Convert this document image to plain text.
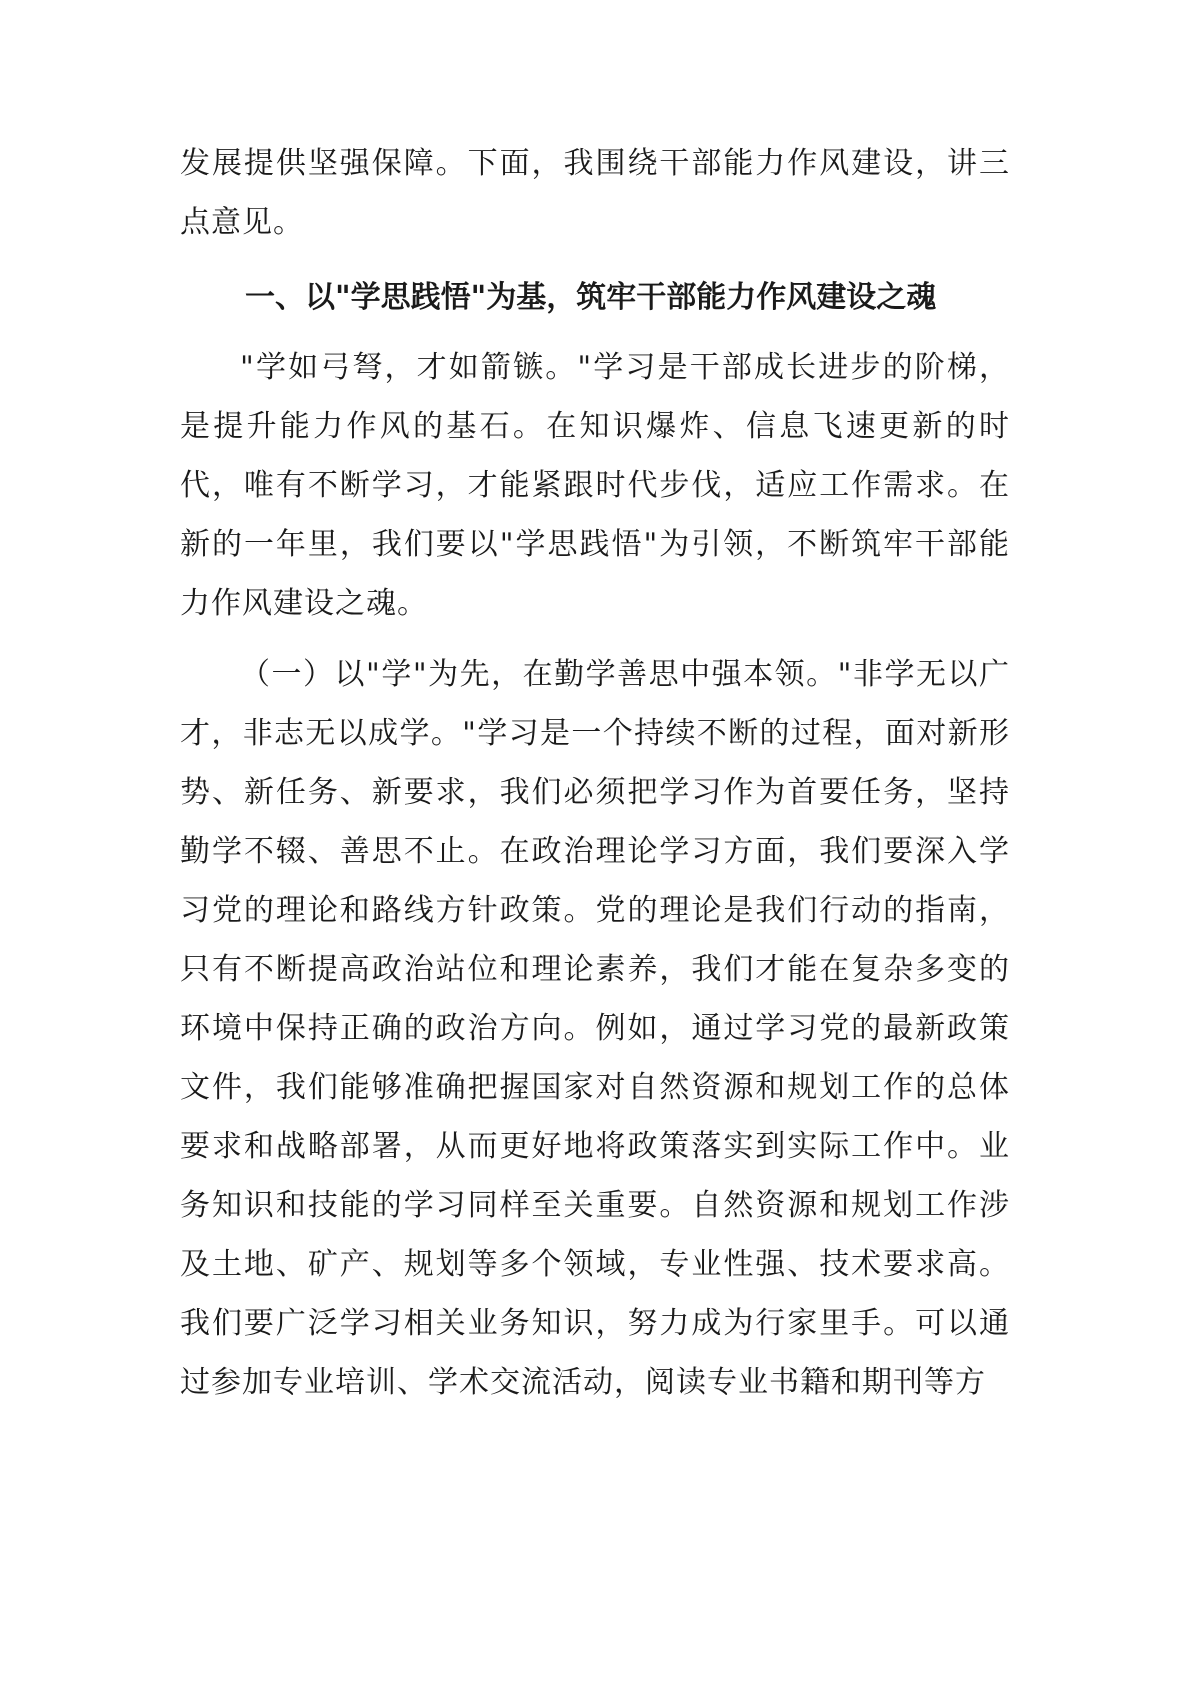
发展提供坚强保障。下面，我围绕干部能力作风建设，讲三点意见。

一、以"学思践悟"为基，筑牢干部能力作风建设之魂

"学如弓弩，才如箭镞。"学习是干部成长进步的阶梯，是提升能力作风的基石。在知识爆炸、信息飞速更新的时代，唯有不断学习，才能紧跟时代步伐，适应工作需求。在新的一年里，我们要以"学思践悟"为引领，不断筑牢干部能力作风建设之魂。

（一）以"学"为先，在勤学善思中强本领。"非学无以广才，非志无以成学。"学习是一个持续不断的过程，面对新形势、新任务、新要求，我们必须把学习作为首要任务，坚持勤学不辍、善思不止。在政治理论学习方面，我们要深入学习党的理论和路线方针政策。党的理论是我们行动的指南，只有不断提高政治站位和理论素养，我们才能在复杂多变的环境中保持正确的政治方向。例如，通过学习党的最新政策文件，我们能够准确把握国家对自然资源和规划工作的总体要求和战略部署，从而更好地将政策落实到实际工作中。业务知识和技能的学习同样至关重要。自然资源和规划工作涉及土地、矿产、规划等多个领域，专业性强、技术要求高。我们要广泛学习相关业务知识，努力成为行家里手。可以通过参加专业培训、学术交流活动，阅读专业书籍和期刊等方
